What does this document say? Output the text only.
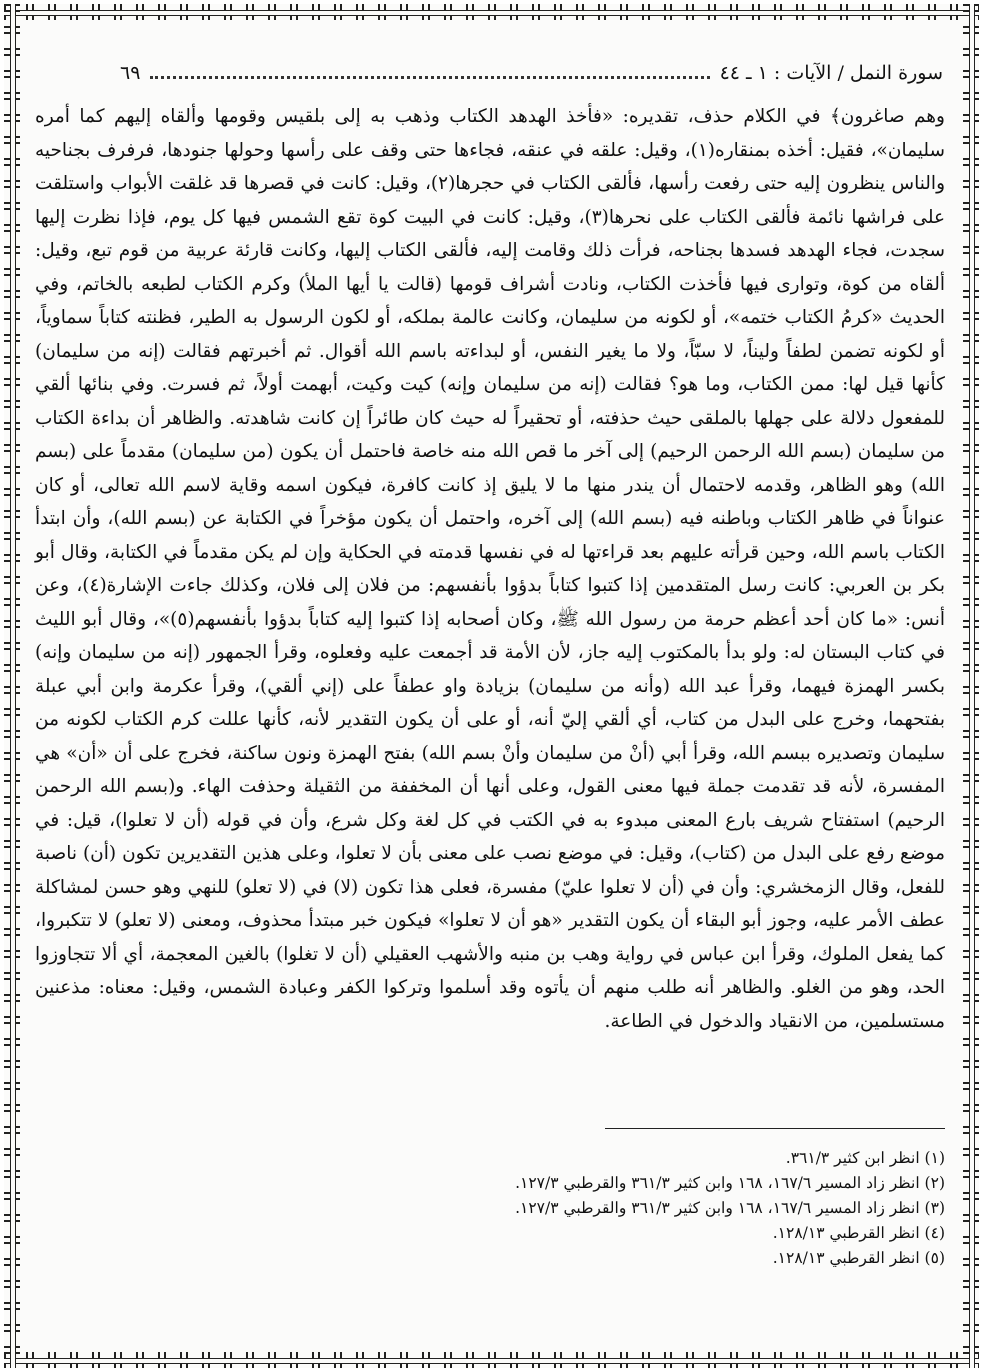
سورة النمل / الآيات : ١ ـ ٤٤
٦٩

وهم صاغرون﴾ في الكلام حذف، تقديره: «فأخذ الهدهد الكتاب وذهب به إلى بلقيس وقومها وألقاه إليهم كما أمره سليمان»، فقيل: أخذه بمنقاره(١)، وقيل: علقه في عنقه، فجاءها حتى وقف على رأسها وحولها جنودها، فرفرف بجناحيه والناس ينظرون إليه حتى رفعت رأسها، فألقى الكتاب في حجرها(٢)، وقيل: كانت في قصرها قد غلقت الأبواب واستلقت على فراشها نائمة فألقى الكتاب على نحرها(٣)، وقيل: كانت في البيت كوة تقع الشمس فيها كل يوم، فإذا نظرت إليها سجدت، فجاء الهدهد فسدها بجناحه، فرأت ذلك وقامت إليه، فألقى الكتاب إليها، وكانت قارئة عربية من قوم تبع، وقيل: ألقاه من كوة، وتوارى فيها فأخذت الكتاب، ونادت أشراف قومها (قالت يا أيها الملأ) وكرم الكتاب لطبعه بالخاتم، وفي الحديث «كرمُ الكتاب ختمه»، أو لكونه من سليمان، وكانت عالمة بملكه، أو لكون الرسول به الطير، فظنته كتاباً سماوياً، أو لكونه تضمن لطفاً وليناً، لا سبّاً، ولا ما يغير النفس، أو لبداءته باسم الله أقوال. ثم أخبرتهم فقالت (إنه من سليمان) كأنها قيل لها: ممن الكتاب، وما هو؟ فقالت (إنه من سليمان وإنه) كيت وكيت، أبهمت أولاً، ثم فسرت. وفي بنائها ألقي للمفعول دلالة على جهلها بالملقى حيث حذفته، أو تحقيراً له حيث كان طائراً إن كانت شاهدته. والظاهر أن بداءة الكتاب من سليمان (بسم الله الرحمن الرحيم) إلى آخر ما قص الله منه خاصة فاحتمل أن يكون (من سليمان) مقدماً على (بسم الله) وهو الظاهر، وقدمه لاحتمال أن يندر منها ما لا يليق إذ كانت كافرة، فيكون اسمه وقاية لاسم الله تعالى، أو كان عنواناً في ظاهر الكتاب وباطنه فيه (بسم الله) إلى آخره، واحتمل أن يكون مؤخراً في الكتابة عن (بسم الله)، وأن ابتدأ الكتاب باسم الله، وحين قرأته عليهم بعد قراءتها له في نفسها قدمته في الحكاية وإن لم يكن مقدماً في الكتابة، وقال أبو بكر بن العربي: كانت رسل المتقدمين إذا كتبوا كتاباً بدؤوا بأنفسهم: من فلان إلى فلان، وكذلك جاءت الإشارة(٤)، وعن أنس: «ما كان أحد أعظم حرمة من رسول الله ﷺ، وكان أصحابه إذا كتبوا إليه كتاباً بدؤوا بأنفسهم(٥)»، وقال أبو الليث في كتاب البستان له: ولو بدأ بالمكتوب إليه جاز، لأن الأمة قد أجمعت عليه وفعلوه، وقرأ الجمهور (إنه من سليمان وإنه) بكسر الهمزة فيهما، وقرأ عبد الله (وأنه من سليمان) بزيادة واو عطفاً على (إني ألقي)، وقرأ عكرمة وابن أبي عبلة بفتحهما، وخرج على البدل من كتاب، أي ألقي إليّ أنه، أو على أن يكون التقدير لأنه، كأنها عللت كرم الكتاب لكونه من سليمان وتصديره ببسم الله، وقرأ أبي (أنْ من سليمان وأنْ بسم الله) بفتح الهمزة ونون ساكنة، فخرج على أن «أن» هي المفسرة، لأنه قد تقدمت جملة فيها معنى القول، وعلى أنها أن المخففة من الثقيلة وحذفت الهاء. و(بسم الله الرحمن الرحيم) استفتاح شريف بارع المعنى مبدوء به في الكتب في كل لغة وكل شرع، وأن في قوله (أن لا تعلوا)، قيل: في موضع رفع على البدل من (كتاب)، وقيل: في موضع نصب على معنى بأن لا تعلوا، وعلى هذين التقديرين تكون (أن) ناصبة للفعل، وقال الزمخشري: وأن في (أن لا تعلوا عليّ) مفسرة، فعلى هذا تكون (لا) في (لا تعلو) للنهي وهو حسن لمشاكلة عطف الأمر عليه، وجوز أبو البقاء أن يكون التقدير «هو أن لا تعلوا» فيكون خبر مبتدأ محذوف، ومعنى (لا تعلو) لا تتكبروا، كما يفعل الملوك، وقرأ ابن عباس في رواية وهب بن منبه والأشهب العقيلي (أن لا تغلوا) بالغين المعجمة، أي ألا تتجاوزوا الحد، وهو من الغلو. والظاهر أنه طلب منهم أن يأتوه وقد أسلموا وتركوا الكفر وعبادة الشمس، وقيل: معناه: مذعنين مستسلمين، من الانقياد والدخول في الطاعة.

(١) انظر ابن كثير ٣٦١/٣.
(٢) انظر زاد المسير ١٦٧/٦، ١٦٨ وابن كثير ٣٦١/٣ والقرطبي ١٢٧/٣.
(٣) انظر زاد المسير ١٦٧/٦، ١٦٨ وابن كثير ٣٦١/٣ والقرطبي ١٢٧/٣.
(٤) انظر القرطبي ١٢٨/١٣.
(٥) انظر القرطبي ١٢٨/١٣.
